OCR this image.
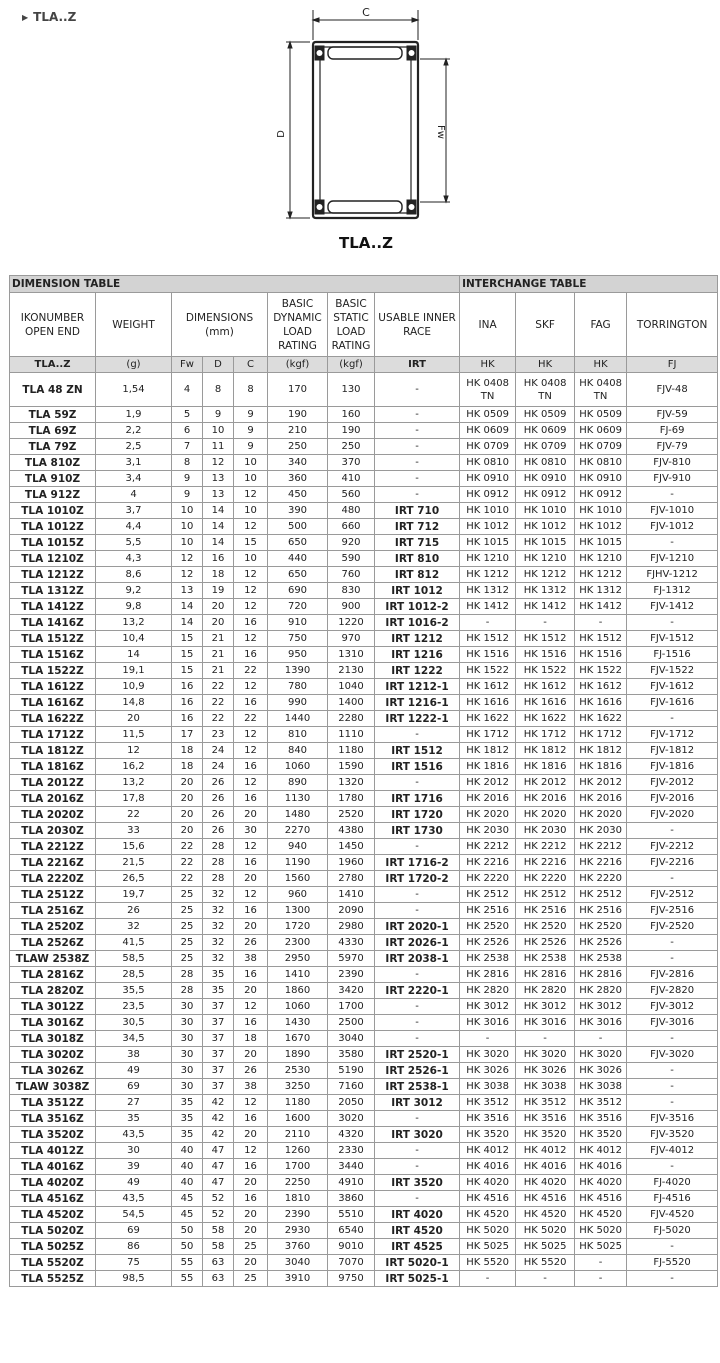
▶ TLA..Z	C
D	Fw
TLA..Z
DIMENSION TABLE								INTERCHANGE TABLE			
IKONUMBER OPEN END	WEIGHT	DIMENSIONS (mm)			BASIC DYNAMIC LOAD RATING	BASIC STATIC LOAD RATING	USABLE INNER RACE	INA	SKF	FAG	TORRINGTON
TLA..Z	(g)	Fw	D	C	(kgf)	(kgf)	IRT	HK	HK	HK	FJ
TLA 48 ZN	1,54	4	8	8	170	130	-	HK 0408 TN	HK 0408 TN	HK 0408 TN	FJV-48
TLA 59Z	1,9	5	9	9	190	160	-	HK 0509	HK 0509	HK 0509	FJV-59
TLA 69Z	2,2	6	10	9	210	190	-	HK 0609	HK 0609	HK 0609	FJ-69
TLA 79Z	2,5	7	11	9	250	250	-	HK 0709	HK 0709	HK 0709	FJV-79
TLA 810Z	3,1	8	12	10	340	370	-	HK 0810	HK 0810	HK 0810	FJV-810
TLA 910Z	3,4	9	13	10	360	410	-	HK 0910	HK 0910	HK 0910	FJV-910
TLA 912Z	4	9	13	12	450	560	-	HK 0912	HK 0912	HK 0912	-
TLA 1010Z	3,7	10	14	10	390	480	IRT 710	HK 1010	HK 1010	HK 1010	FJV-1010
TLA 1012Z	4,4	10	14	12	500	660	IRT 712	HK 1012	HK 1012	HK 1012	FJV-1012
TLA 1015Z	5,5	10	14	15	650	920	IRT 715	HK 1015	HK 1015	HK 1015	-
TLA 1210Z	4,3	12	16	10	440	590	IRT 810	HK 1210	HK 1210	HK 1210	FJV-1210
TLA 1212Z	8,6	12	18	12	650	760	IRT 812	HK 1212	HK 1212	HK 1212	FJHV-1212
TLA 1312Z	9,2	13	19	12	690	830	IRT 1012	HK 1312	HK 1312	HK 1312	FJ-1312
TLA 1412Z	9,8	14	20	12	720	900	IRT 1012-2	HK 1412	HK 1412	HK 1412	FJV-1412
TLA 1416Z	13,2	14	20	16	910	1220	IRT 1016-2	-	-	-	-
TLA 1512Z	10,4	15	21	12	750	970	IRT 1212	HK 1512	HK 1512	HK 1512	FJV-1512
TLA 1516Z	14	15	21	16	950	1310	IRT 1216	HK 1516	HK 1516	HK 1516	FJ-1516
TLA 1522Z	19,1	15	21	22	1390	2130	IRT 1222	HK 1522	HK 1522	HK 1522	FJV-1522
TLA 1612Z	10,9	16	22	12	780	1040	IRT 1212-1	HK 1612	HK 1612	HK 1612	FJV-1612
TLA 1616Z	14,8	16	22	16	990	1400	IRT 1216-1	HK 1616	HK 1616	HK 1616	FJV-1616
TLA 1622Z	20	16	22	22	1440	2280	IRT 1222-1	HK 1622	HK 1622	HK 1622	-
TLA 1712Z	11,5	17	23	12	810	1110	-	HK 1712	HK 1712	HK 1712	FJV-1712
TLA 1812Z	12	18	24	12	840	1180	IRT 1512	HK 1812	HK 1812	HK 1812	FJV-1812
TLA 1816Z	16,2	18	24	16	1060	1590	IRT 1516	HK 1816	HK 1816	HK 1816	FJV-1816
TLA 2012Z	13,2	20	26	12	890	1320	-	HK 2012	HK 2012	HK 2012	FJV-2012
TLA 2016Z	17,8	20	26	16	1130	1780	IRT 1716	HK 2016	HK 2016	HK 2016	FJV-2016
TLA 2020Z	22	20	26	20	1480	2520	IRT 1720	HK 2020	HK 2020	HK 2020	FJV-2020
TLA 2030Z	33	20	26	30	2270	4380	IRT 1730	HK 2030	HK 2030	HK 2030	-
TLA 2212Z	15,6	22	28	12	940	1450	-	HK 2212	HK 2212	HK 2212	FJV-2212
TLA 2216Z	21,5	22	28	16	1190	1960	IRT 1716-2	HK 2216	HK 2216	HK 2216	FJV-2216
TLA 2220Z	26,5	22	28	20	1560	2780	IRT 1720-2	HK 2220	HK 2220	HK 2220	-
TLA 2512Z	19,7	25	32	12	960	1410	-	HK 2512	HK 2512	HK 2512	FJV-2512
TLA 2516Z	26	25	32	16	1300	2090	-	HK 2516	HK 2516	HK 2516	FJV-2516
TLA 2520Z	32	25	32	20	1720	2980	IRT 2020-1	HK 2520	HK 2520	HK 2520	FJV-2520
TLA 2526Z	41,5	25	32	26	2300	4330	IRT 2026-1	HK 2526	HK 2526	HK 2526	-
TLAW 2538Z	58,5	25	32	38	2950	5970	IRT 2038-1	HK 2538	HK 2538	HK 2538	-
TLA 2816Z	28,5	28	35	16	1410	2390	-	HK 2816	HK 2816	HK 2816	FJV-2816
TLA 2820Z	35,5	28	35	20	1860	3420	IRT 2220-1	HK 2820	HK 2820	HK 2820	FJV-2820
TLA 3012Z	23,5	30	37	12	1060	1700	-	HK 3012	HK 3012	HK 3012	FJV-3012
TLA 3016Z	30,5	30	37	16	1430	2500	-	HK 3016	HK 3016	HK 3016	FJV-3016
TLA 3018Z	34,5	30	37	18	1670	3040	-	-	-	-	-
TLA 3020Z	38	30	37	20	1890	3580	IRT 2520-1	HK 3020	HK 3020	HK 3020	FJV-3020
TLA 3026Z	49	30	37	26	2530	5190	IRT 2526-1	HK 3026	HK 3026	HK 3026	-
TLAW 3038Z	69	30	37	38	3250	7160	IRT 2538-1	HK 3038	HK 3038	HK 3038	-
TLA 3512Z	27	35	42	12	1180	2050	IRT 3012	HK 3512	HK 3512	HK 3512	-
TLA 3516Z	35	35	42	16	1600	3020	-	HK 3516	HK 3516	HK 3516	FJV-3516
TLA 3520Z	43,5	35	42	20	2110	4320	IRT 3020	HK 3520	HK 3520	HK 3520	FJV-3520
TLA 4012Z	30	40	47	12	1260	2330	-	HK 4012	HK 4012	HK 4012	FJV-4012
TLA 4016Z	39	40	47	16	1700	3440	-	HK 4016	HK 4016	HK 4016	-
TLA 4020Z	49	40	47	20	2250	4910	IRT 3520	HK 4020	HK 4020	HK 4020	FJ-4020
TLA 4516Z	43,5	45	52	16	1810	3860	-	HK 4516	HK 4516	HK 4516	FJ-4516
TLA 4520Z	54,5	45	52	20	2390	5510	IRT 4020	HK 4520	HK 4520	HK 4520	FJV-4520
TLA 5020Z	69	50	58	20	2930	6540	IRT 4520	HK 5020	HK 5020	HK 5020	FJ-5020
TLA 5025Z	86	50	58	25	3760	9010	IRT 4525	HK 5025	HK 5025	HK 5025	-
TLA 5520Z	75	55	63	20	3040	7070	IRT 5020-1	HK 5520	HK 5520	-	FJ-5520
TLA 5525Z	98,5	55	63	25	3910	9750	IRT 5025-1	-	-	-	-
